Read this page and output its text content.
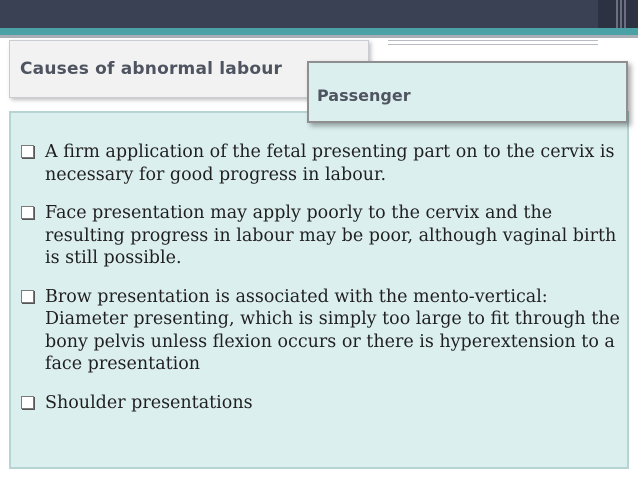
Causes of abnormal labour
A firm application of the fetal presenting part on to the cervix is necessary for good progress in labour.
Face presentation may apply poorly to the cervix and the resulting progress in labour may be poor, although vaginal birth is still possible.
Brow presentation is associated with the mento-vertical: Diameter presenting, which is simply too large to fit through the bony pelvis unless flexion occurs or there is hyperextension to a face presentation
Shoulder presentations
Passenger
